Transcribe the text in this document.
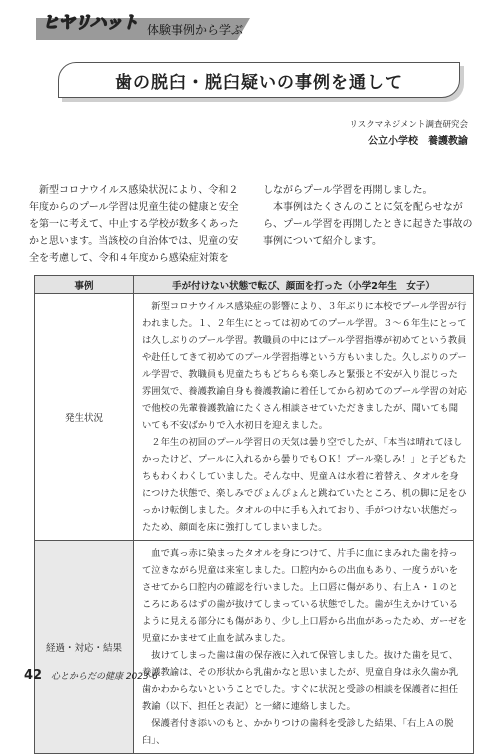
ヒヤリハット 体験事例から学ぶ
歯の脱臼・脱臼疑いの事例を通して
リスクマネジメント調査研究会
公立小学校　養護教諭

新型コロナウイルス感染状況により、令和２年度からのプール学習は児童生徒の健康と安全を第一に考えて、中止する学校が数多くあったかと思います。当該校の自治体では、児童の安全を考慮して、令和４年度から感染症対策を

しながらプール学習を再開しました。

本事例はたくさんのことに気を配らせながら、プール学習を再開したときに起きた事故の事例について紹介します。

事例	手が付けない状態で転び、顔面を打った（小学2年生　女子）
発生状況	新型コロナウイルス感染症の影響により、３年ぶりに本校でプール学習が行われました。１、２年生にとっては初めてのプール学習。３〜６年生にとっては久しぶりのプール学習。教職員の中にはプール学習指導が初めてという教員や赴任してきて初めてのプール学習指導という方もいました。久しぶりのプール学習で、教職員も児童たちもどちらも楽しみと緊張と不安が入り混じった雰囲気で、養護教諭自身も養護教諭に着任してから初めてのプール学習の対応で他校の先輩養護教諭にたくさん相談させていただきましたが、聞いても聞いても不安ばかりで入水初日を迎えました。

２年生の初回のプール学習日の天気は曇り空でしたが、「本当は晴れてほしかったけど、プールに入れるから曇りでもＯＫ！プール楽しみ！」と子どもたちもわくわくしていました。そんな中、児童Ａは水着に着替え、タオルを身につけた状態で、楽しみでぴょんぴょんと跳ねていたところ、机の脚に足をひっかけ転倒しました。タオルの中に手も入れており、手がつけない状態だったため、顔面を床に強打してしまいました。

経過・対応・結果	血で真っ赤に染まったタオルを身につけて、片手に血にまみれた歯を持って泣きながら児童は来室しました。口腔内からの出血もあり、一度うがいをさせてから口腔内の確認を行いました。上口唇に傷があり、右上Ａ・１のところにあるはずの歯が抜けてしまっている状態でした。歯が生えかけているように見える部分にも傷があり、少し上口唇から出血があったため、ガーゼを児童にかませて止血を試みました。

抜けてしまった歯は歯の保存液に入れて保管しました。抜けた歯を見て、養護教諭は、その形状から乳歯かなと思いましたが、児童自身は永久歯か乳歯かわからないということでした。すぐに状況と受診の相談を保護者に担任教諭（以下、担任と表記）と一緒に連絡しました。

保護者付き添いのもと、かかりつけの歯科を受診した結果、「右上Ａの脱臼」、

42 心とからだの健康 2023-6
